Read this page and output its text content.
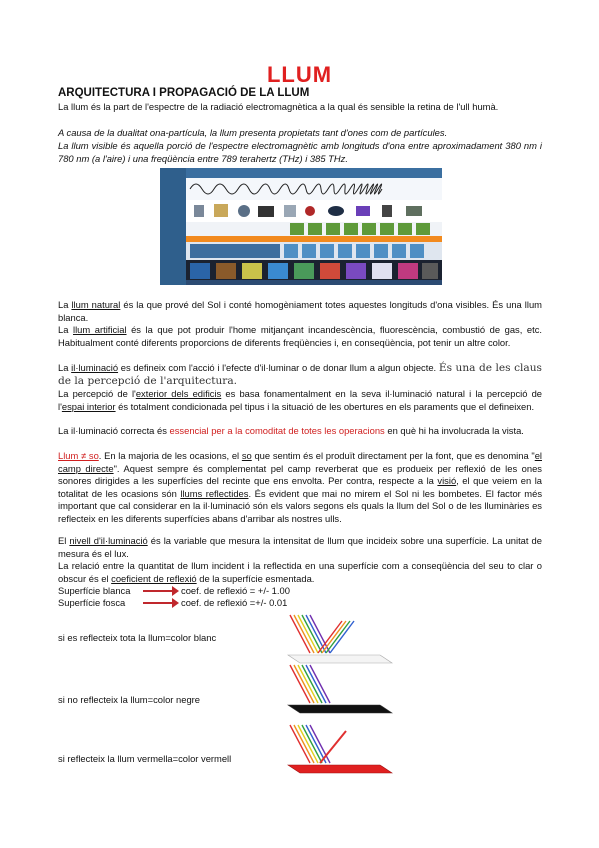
LLUM
ARQUITECTURA I PROPAGACIÓ DE LA LLUM
La llum és la part de l'espectre de la radiació electromagnètica a la qual és sensible la retina de l'ull humà.
A causa de la dualitat ona-partícula, la llum presenta propietats tant d'ones com de partícules.
La llum visible és aquella porció de l'espectre electromagnètic amb longituds d'ona entre aproximadament 380 nm i 780 nm (a l'aire) i una freqüència entre 789 terahertz (THz) i 385 THz.
La llum natural és la que prové del Sol i conté homogèniament totes aquestes longituds d'ona visibles. És una llum blanca.
La llum artificial és la que pot produir l'home mitjançant incandescència, fluorescència, combustió de gas, etc. Habitualment conté diferents proporcions de diferents freqüències i, en conseqüència, pot tenir un altre color.
La il·luminació es defineix com l'acció i l'efecte d'il·luminar o de donar llum a algun objecte. És una de les claus de la percepció de l'arquitectura.
La percepció de l'exterior dels edificis es basa fonamentalment en la seva il·luminació natural i la percepció de l'espai interior és totalment condicionada pel tipus i la situació de les obertures en els paraments que el defineixen.
La il·luminació correcta és essencial per a la comoditat de totes les operacions en què hi ha involucrada la vista.
Llum ≠ so. En la majoria de les ocasions, el so que sentim és el produït directament per la font, que es denomina "el camp directe". Aquest sempre és complementat pel camp reverberat que es produeix per reflexió de les ones sonores dirigides a les superfícies del recinte que ens envolta. Per contra, respecte a la visió, el que veiem en la totalitat de les ocasions són llums reflectides. És evident que mai no mirem el Sol ni les bombetes. El factor més important que cal considerar en la il·luminació són els valors segons els quals la llum del Sol o de les lluminàries es reflecteix en les diferents superfícies abans d'arribar als nostres ulls.
El nivell d'il·luminació és la variable que mesura la intensitat de llum que incideix sobre una superfície. La unitat de mesura és el lux.
La relació entre la quantitat de llum incident i la reflectida en una superfície com a conseqüència del seu to clar o obscur és el coeficient de reflexió de la superfície esmentada.
Superfície blanca	coef. de reflexió = +/- 1.00
Superfície fosca	coef. de reflexió =+/- 0.01
si es reflecteix tota la llum=color blanc
si no reflecteix la llum=color negre
si reflecteix la llum vermella=color vermell
